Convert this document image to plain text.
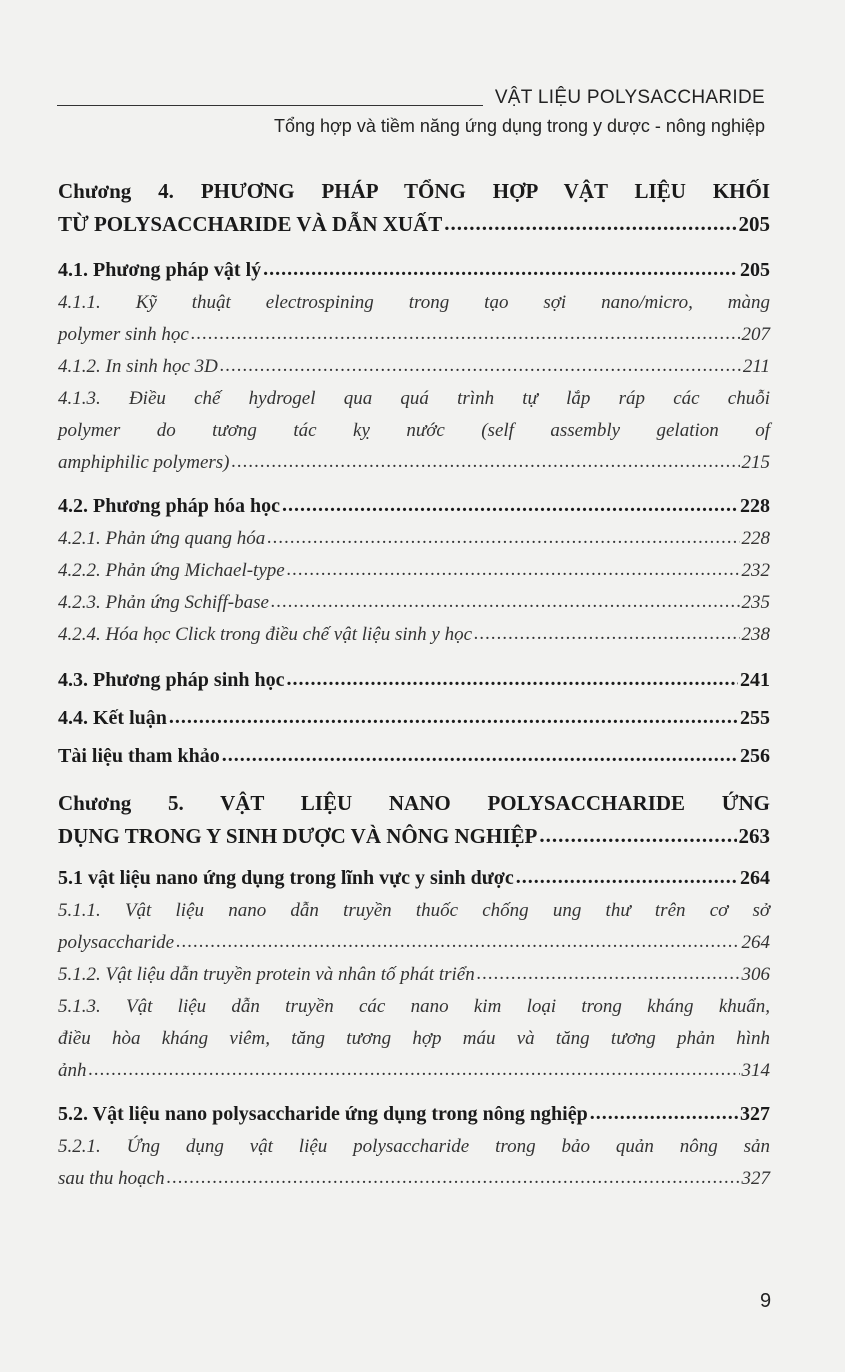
VẬT LIỆU POLYSACCHARIDE
Tổng hợp và tiềm năng ứng dụng trong y dược - nông nghiệp
Chương 4. PHƯƠNG PHÁP TỔNG HỢP VẬT LIỆU KHỐI
TỪ POLYSACCHARIDE VÀ DẪN XUẤT .....	205
4.1. Phương pháp vật lý .....	205
4.1.1. Kỹ thuật electrospining trong tạo sợi nano/micro, màng
polymer sinh học .....	207
4.1.2. In sinh học 3D .....	211
4.1.3. Điều chế hydrogel qua quá trình tự lắp ráp các chuỗi
polymer do tương tác kỵ nước (self assembly gelation of
amphiphilic polymers) .....	215
4.2. Phương pháp hóa học .....	228
4.2.1. Phản ứng quang hóa .....	228
4.2.2. Phản ứng Michael-type .....	232
4.2.3. Phản ứng Schiff-base .....	235
4.2.4. Hóa học Click trong điều chế vật liệu sinh y học .....	238
4.3. Phương pháp sinh học .....	241
4.4. Kết luận .....	255
Tài liệu tham khảo .....	256
Chương 5. VẬT LIỆU NANO POLYSACCHARIDE ỨNG
DỤNG TRONG Y SINH DƯỢC VÀ NÔNG NGHIỆP .....	263
5.1 vật liệu nano ứng dụng trong lĩnh vực y sinh dược .....	264
5.1.1. Vật liệu nano dẫn truyền thuốc chống ung thư trên cơ sở
polysaccharide .....	264
5.1.2. Vật liệu dẫn truyền protein và nhân tố phát triển .....	306
5.1.3. Vật liệu dẫn truyền các nano kim loại trong kháng khuẩn,
điều hòa kháng viêm, tăng tương hợp máu và tăng tương phản hình
ảnh .....	314
5.2. Vật liệu nano polysaccharide ứng dụng trong nông nghiệp .....	327
5.2.1. Ứng dụng vật liệu polysaccharide trong bảo quản nông sản
sau thu hoạch .....	327
9
